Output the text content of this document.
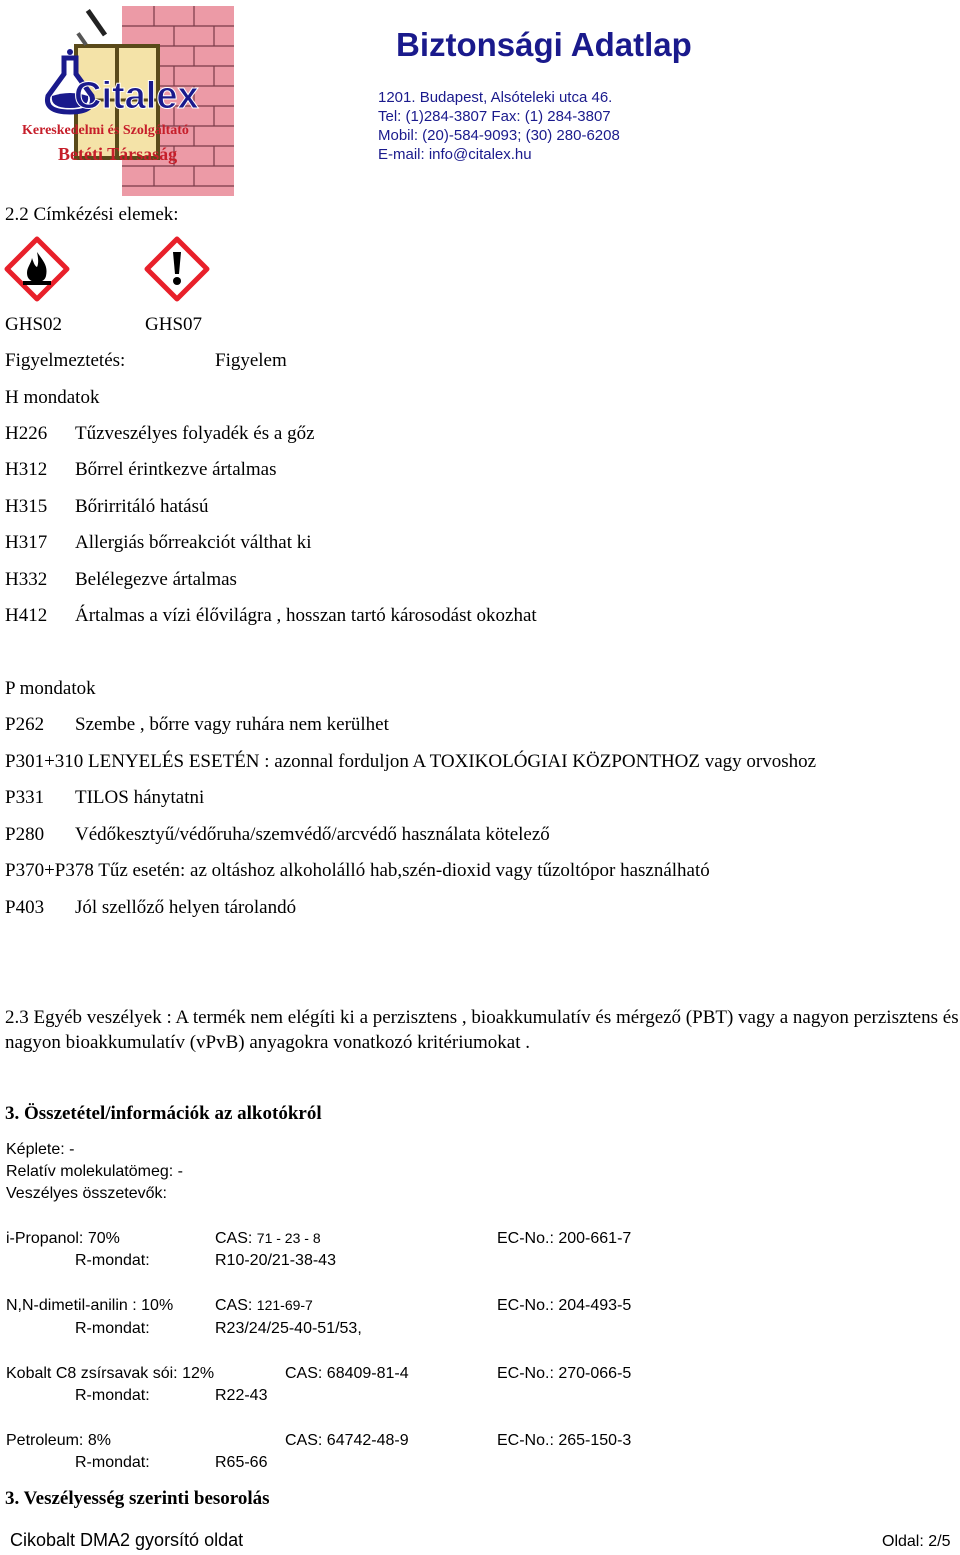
Citalex
Kereskedelmi és Szolgáltató
Betéti Társaság
Biztonsági Adatlap
1201. Budapest, Alsóteleki utca 46.
Tel: (1)284-3807 Fax: (1) 284-3807
Mobil: (20)-584-9093; (30) 280-6208
E-mail: info@citalex.hu
2.2 Címkézési elemek:
GHS02	GHS07
Figyelmeztetés:	Figyelem
H mondatok
H226 Tűzveszélyes folyadék és a gőz
H312 Bőrrel érintkezve ártalmas
H315 Bőrirritáló hatású
H317 Allergiás bőrreakciót válthat ki
H332 Belélegezve ártalmas
H412 Ártalmas a vízi élővilágra , hosszan tartó károsodást okozhat
P mondatok
P262 Szembe , bőrre vagy ruhára nem kerülhet
P301+310 LENYELÉS ESETÉN : azonnal forduljon A TOXIKOLÓGIAI KÖZPONTHOZ vagy orvoshoz
P331 TILOS hánytatni
P280 Védőkesztyű/védőruha/szemvédő/arcvédő használata kötelező
P370+P378 Tűz esetén: az oltáshoz alkoholálló hab,szén-dioxid vagy tűzoltópor használható
P403 Jól szellőző helyen tárolandó
2.3 Egyéb veszélyek : A termék nem elégíti ki a perzisztens , bioakkumulatív és mérgező (PBT) vagy a nagyon perzisztens és nagyon bioakkumulatív (vPvB) anyagokra vonatkozó kritériumokat .
3. Összetétel/információk az alkotókról
Képlete: -
Relatív molekulatömeg: -
Veszélyes összetevők:
i-Propanol: 70%	CAS: 71 - 23 - 8	EC-No.: 200-661-7
R-mondat:	R10-20/21-38-43
N,N-dimetil-anilin : 10%	CAS: 121-69-7	EC-No.: 204-493-5
R-mondat:	R23/24/25-40-51/53,
Kobalt C8 zsírsavak sói: 12%	CAS: 68409-81-4	EC-No.: 270-066-5
R-mondat:	R22-43
Petroleum: 8%	CAS: 64742-48-9	EC-No.: 265-150-3
R-mondat:	R65-66
3. Veszélyesség szerinti besorolás
Cikobalt DMA2 gyorsító oldat	Oldal: 2/5
